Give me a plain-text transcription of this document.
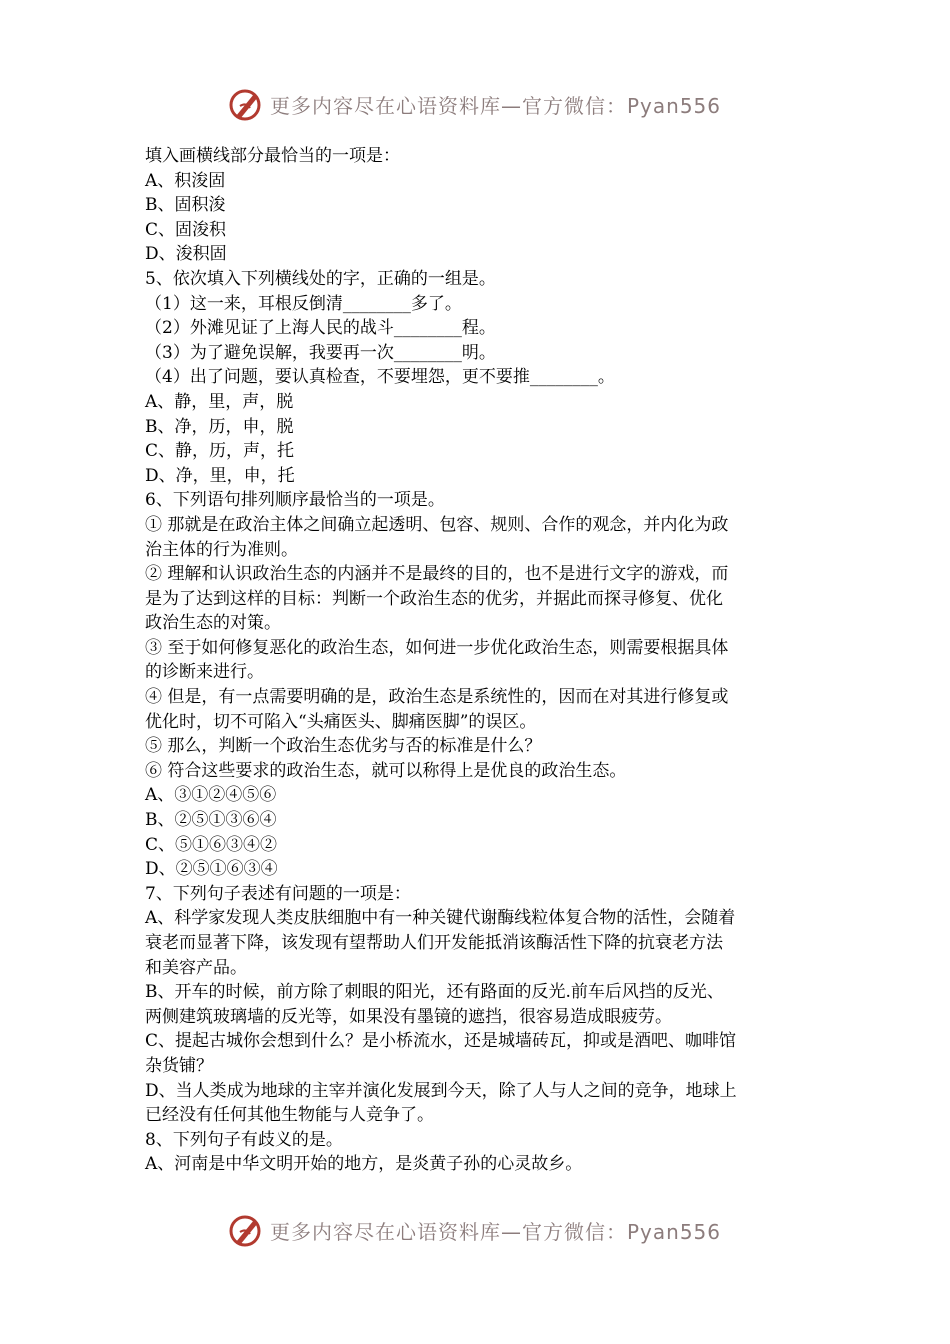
更多内容尽在心语资料库—官方微信：Pyan556
填入画横线部分最恰当的一项是：
A、积浚固
B、固积浚
C、固浚积
D、浚积固
5、依次填入下列横线处的字，正确的一组是。
（1）这一来，耳根反倒清________多了。
（2）外滩见证了上海人民的战斗________程。
（3）为了避免误解，我要再一次________明。
（4）出了问题，要认真检查，不要埋怨，更不要推________。
A、静，里，声，脱
B、净，历，申，脱
C、静，历，声，托
D、净，里，申，托
6、下列语句排列顺序最恰当的一项是。
① 那就是在政治主体之间确立起透明、包容、规则、合作的观念，并内化为政
治主体的行为准则。
② 理解和认识政治生态的内涵并不是最终的目的，也不是进行文字的游戏，而
是为了达到这样的目标：判断一个政治生态的优劣，并据此而探寻修复、优化
政治生态的对策。
③ 至于如何修复恶化的政治生态，如何进一步优化政治生态，则需要根据具体
的诊断来进行。
④ 但是，有一点需要明确的是，政治生态是系统性的，因而在对其进行修复或
优化时，切不可陷入“头痛医头、脚痛医脚”的误区。
⑤ 那么，判断一个政治生态优劣与否的标准是什么？
⑥ 符合这些要求的政治生态，就可以称得上是优良的政治生态。
A、③①②④⑤⑥
B、②⑤①③⑥④
C、⑤①⑥③④②
D、②⑤①⑥③④
7、下列句子表述有问题的一项是：
A、科学家发现人类皮肤细胞中有一种关键代谢酶线粒体复合物的活性，会随着
衰老而显著下降，该发现有望帮助人们开发能抵消该酶活性下降的抗衰老方法
和美容产品。
B、开车的时候，前方除了刺眼的阳光，还有路面的反光.前车后风挡的反光、
两侧建筑玻璃墙的反光等，如果没有墨镜的遮挡，很容易造成眼疲劳。
C、提起古城你会想到什么？是小桥流水，还是城墙砖瓦，抑或是酒吧、咖啡馆
杂货铺？
D、当人类成为地球的主宰并演化发展到今天，除了人与人之间的竞争，地球上
已经没有任何其他生物能与人竞争了。
8、下列句子有歧义的是。
A、河南是中华文明开始的地方，是炎黄子孙的心灵故乡。
更多内容尽在心语资料库—官方微信：Pyan556
